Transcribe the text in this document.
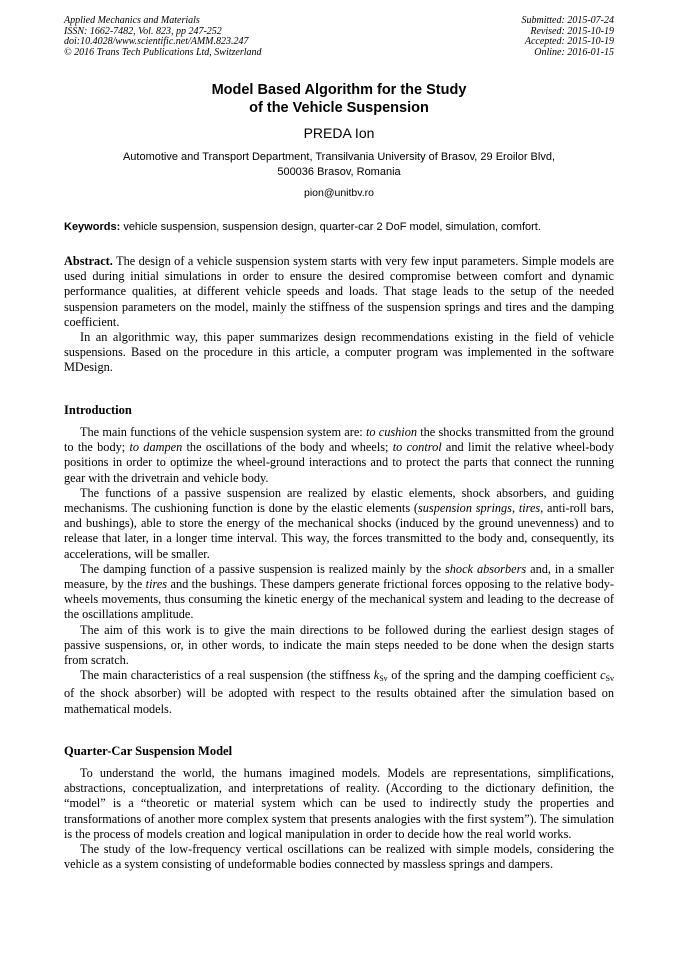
Applied Mechanics and Materials
ISSN: 1662-7482, Vol. 823, pp 247-252
doi:10.4028/www.scientific.net/AMM.823.247
© 2016 Trans Tech Publications Ltd, Switzerland
Submitted: 2015-07-24
Revised: 2015-10-19
Accepted: 2015-10-19
Online: 2016-01-15
Model Based Algorithm for the Study
of the Vehicle Suspension
PREDA Ion
Automotive and Transport Department, Transilvania University of Brasov, 29 Eroilor Blvd,
500036 Brasov, Romania
pion@unitbv.ro
Keywords: vehicle suspension, suspension design, quarter-car 2 DoF model, simulation, comfort.

Abstract. The design of a vehicle suspension system starts with very few input parameters. Simple models are used during initial simulations in order to ensure the desired compromise between comfort and dynamic performance qualities, at different vehicle speeds and loads. That stage leads to the setup of the needed suspension parameters on the model, mainly the stiffness of the suspension springs and tires and the damping coefficient.

In an algorithmic way, this paper summarizes design recommendations existing in the field of vehicle suspensions. Based on the procedure in this article, a computer program was implemented in the software MDesign.

Introduction

The main functions of the vehicle suspension system are: to cushion the shocks transmitted from the ground to the body; to dampen the oscillations of the body and wheels; to control and limit the relative wheel-body positions in order to optimize the wheel-ground interactions and to protect the parts that connect the running gear with the drivetrain and vehicle body.

The functions of a passive suspension are realized by elastic elements, shock absorbers, and guiding mechanisms. The cushioning function is done by the elastic elements (suspension springs, tires, anti-roll bars, and bushings), able to store the energy of the mechanical shocks (induced by the ground unevenness) and to release that later, in a longer time interval. This way, the forces transmitted to the body and, consequently, its accelerations, will be smaller.

The damping function of a passive suspension is realized mainly by the shock absorbers and, in a smaller measure, by the tires and the bushings. These dampers generate frictional forces opposing to the relative body-wheels movements, thus consuming the kinetic energy of the mechanical system and leading to the decrease of the oscillations amplitude.

The aim of this work is to give the main directions to be followed during the earliest design stages of passive suspensions, or, in other words, to indicate the main steps needed to be done when the design starts from scratch.

The main characteristics of a real suspension (the stiffness $k_{Sv}$ of the spring and the damping coefficient $c_{Sv}$ of the shock absorber) will be adopted with respect to the results obtained after the simulation based on mathematical models.

Quarter-Car Suspension Model

To understand the world, the humans imagined models. Models are representations, simplifications, abstractions, conceptualization, and interpretations of reality. (According to the dictionary definition, the “model” is a “theoretic or material system which can be used to indirectly study the properties and transformations of another more complex system that presents analogies with the first system”). The simulation is the process of models creation and logical manipulation in order to decide how the real world works.

The study of the low-frequency vertical oscillations can be realized with simple models, considering the vehicle as a system consisting of undeformable bodies connected by massless springs and dampers.
